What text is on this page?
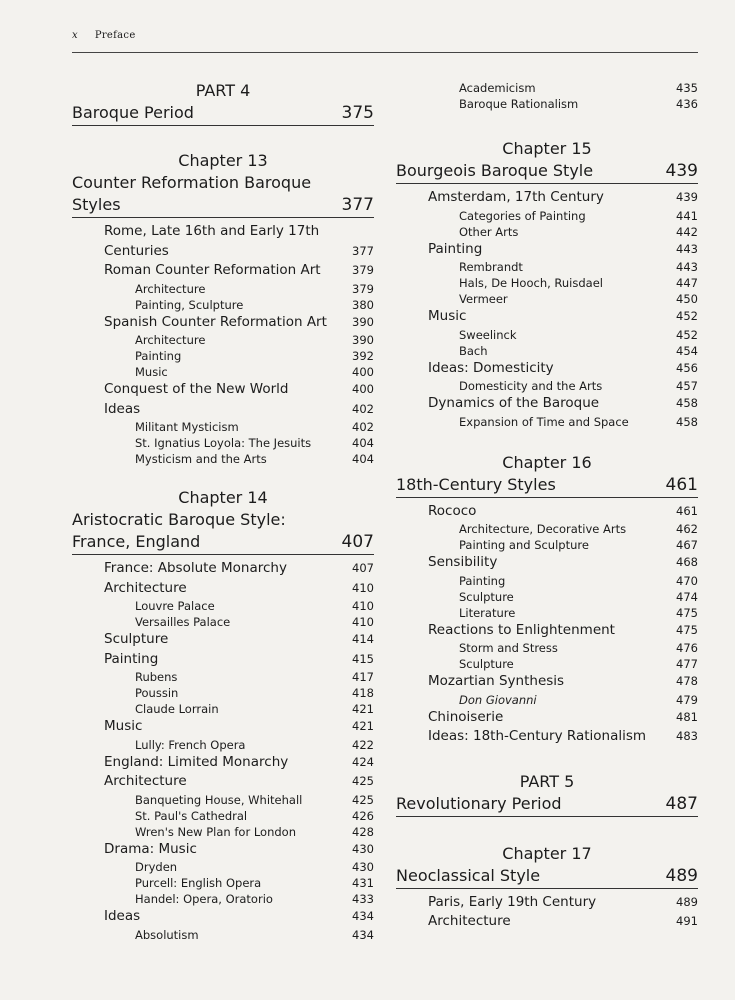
x Preface
PART 4
Baroque Period	375
Chapter 13
Counter Reformation Baroque
Styles	377
Rome, Late 16th and Early 17th
Centuries	377
Roman Counter Reformation Art	379
Architecture	379
Painting, Sculpture	380
Spanish Counter Reformation Art	390
Architecture	390
Painting	392
Music	400
Conquest of the New World	400
Ideas	402
Militant Mysticism	402
St. Ignatius Loyola: The Jesuits	404
Mysticism and the Arts	404
Chapter 14
Aristocratic Baroque Style:
France, England	407
France: Absolute Monarchy	407
Architecture	410
Louvre Palace	410
Versailles Palace	410
Sculpture	414
Painting	415
Rubens	417
Poussin	418
Claude Lorrain	421
Music	421
Lully: French Opera	422
England: Limited Monarchy	424
Architecture	425
Banqueting House, Whitehall	425
St. Paul's Cathedral	426
Wren's New Plan for London	428
Drama: Music	430
Dryden	430
Purcell: English Opera	431
Handel: Opera, Oratorio	433
Ideas	434
Absolutism	434
Academicism	435
Baroque Rationalism	436
Chapter 15
Bourgeois Baroque Style	439
Amsterdam, 17th Century	439
Categories of Painting	441
Other Arts	442
Painting	443
Rembrandt	443
Hals, De Hooch, Ruisdael	447
Vermeer	450
Music	452
Sweelinck	452
Bach	454
Ideas: Domesticity	456
Domesticity and the Arts	457
Dynamics of the Baroque	458
Expansion of Time and Space	458
Chapter 16
18th-Century Styles	461
Rococo	461
Architecture, Decorative Arts	462
Painting and Sculpture	467
Sensibility	468
Painting	470
Sculpture	474
Literature	475
Reactions to Enlightenment	475
Storm and Stress	476
Sculpture	477
Mozartian Synthesis	478
Don Giovanni	479
Chinoiserie	481
Ideas: 18th-Century Rationalism	483
PART 5
Revolutionary Period	487
Chapter 17
Neoclassical Style	489
Paris, Early 19th Century	489
Architecture	491
